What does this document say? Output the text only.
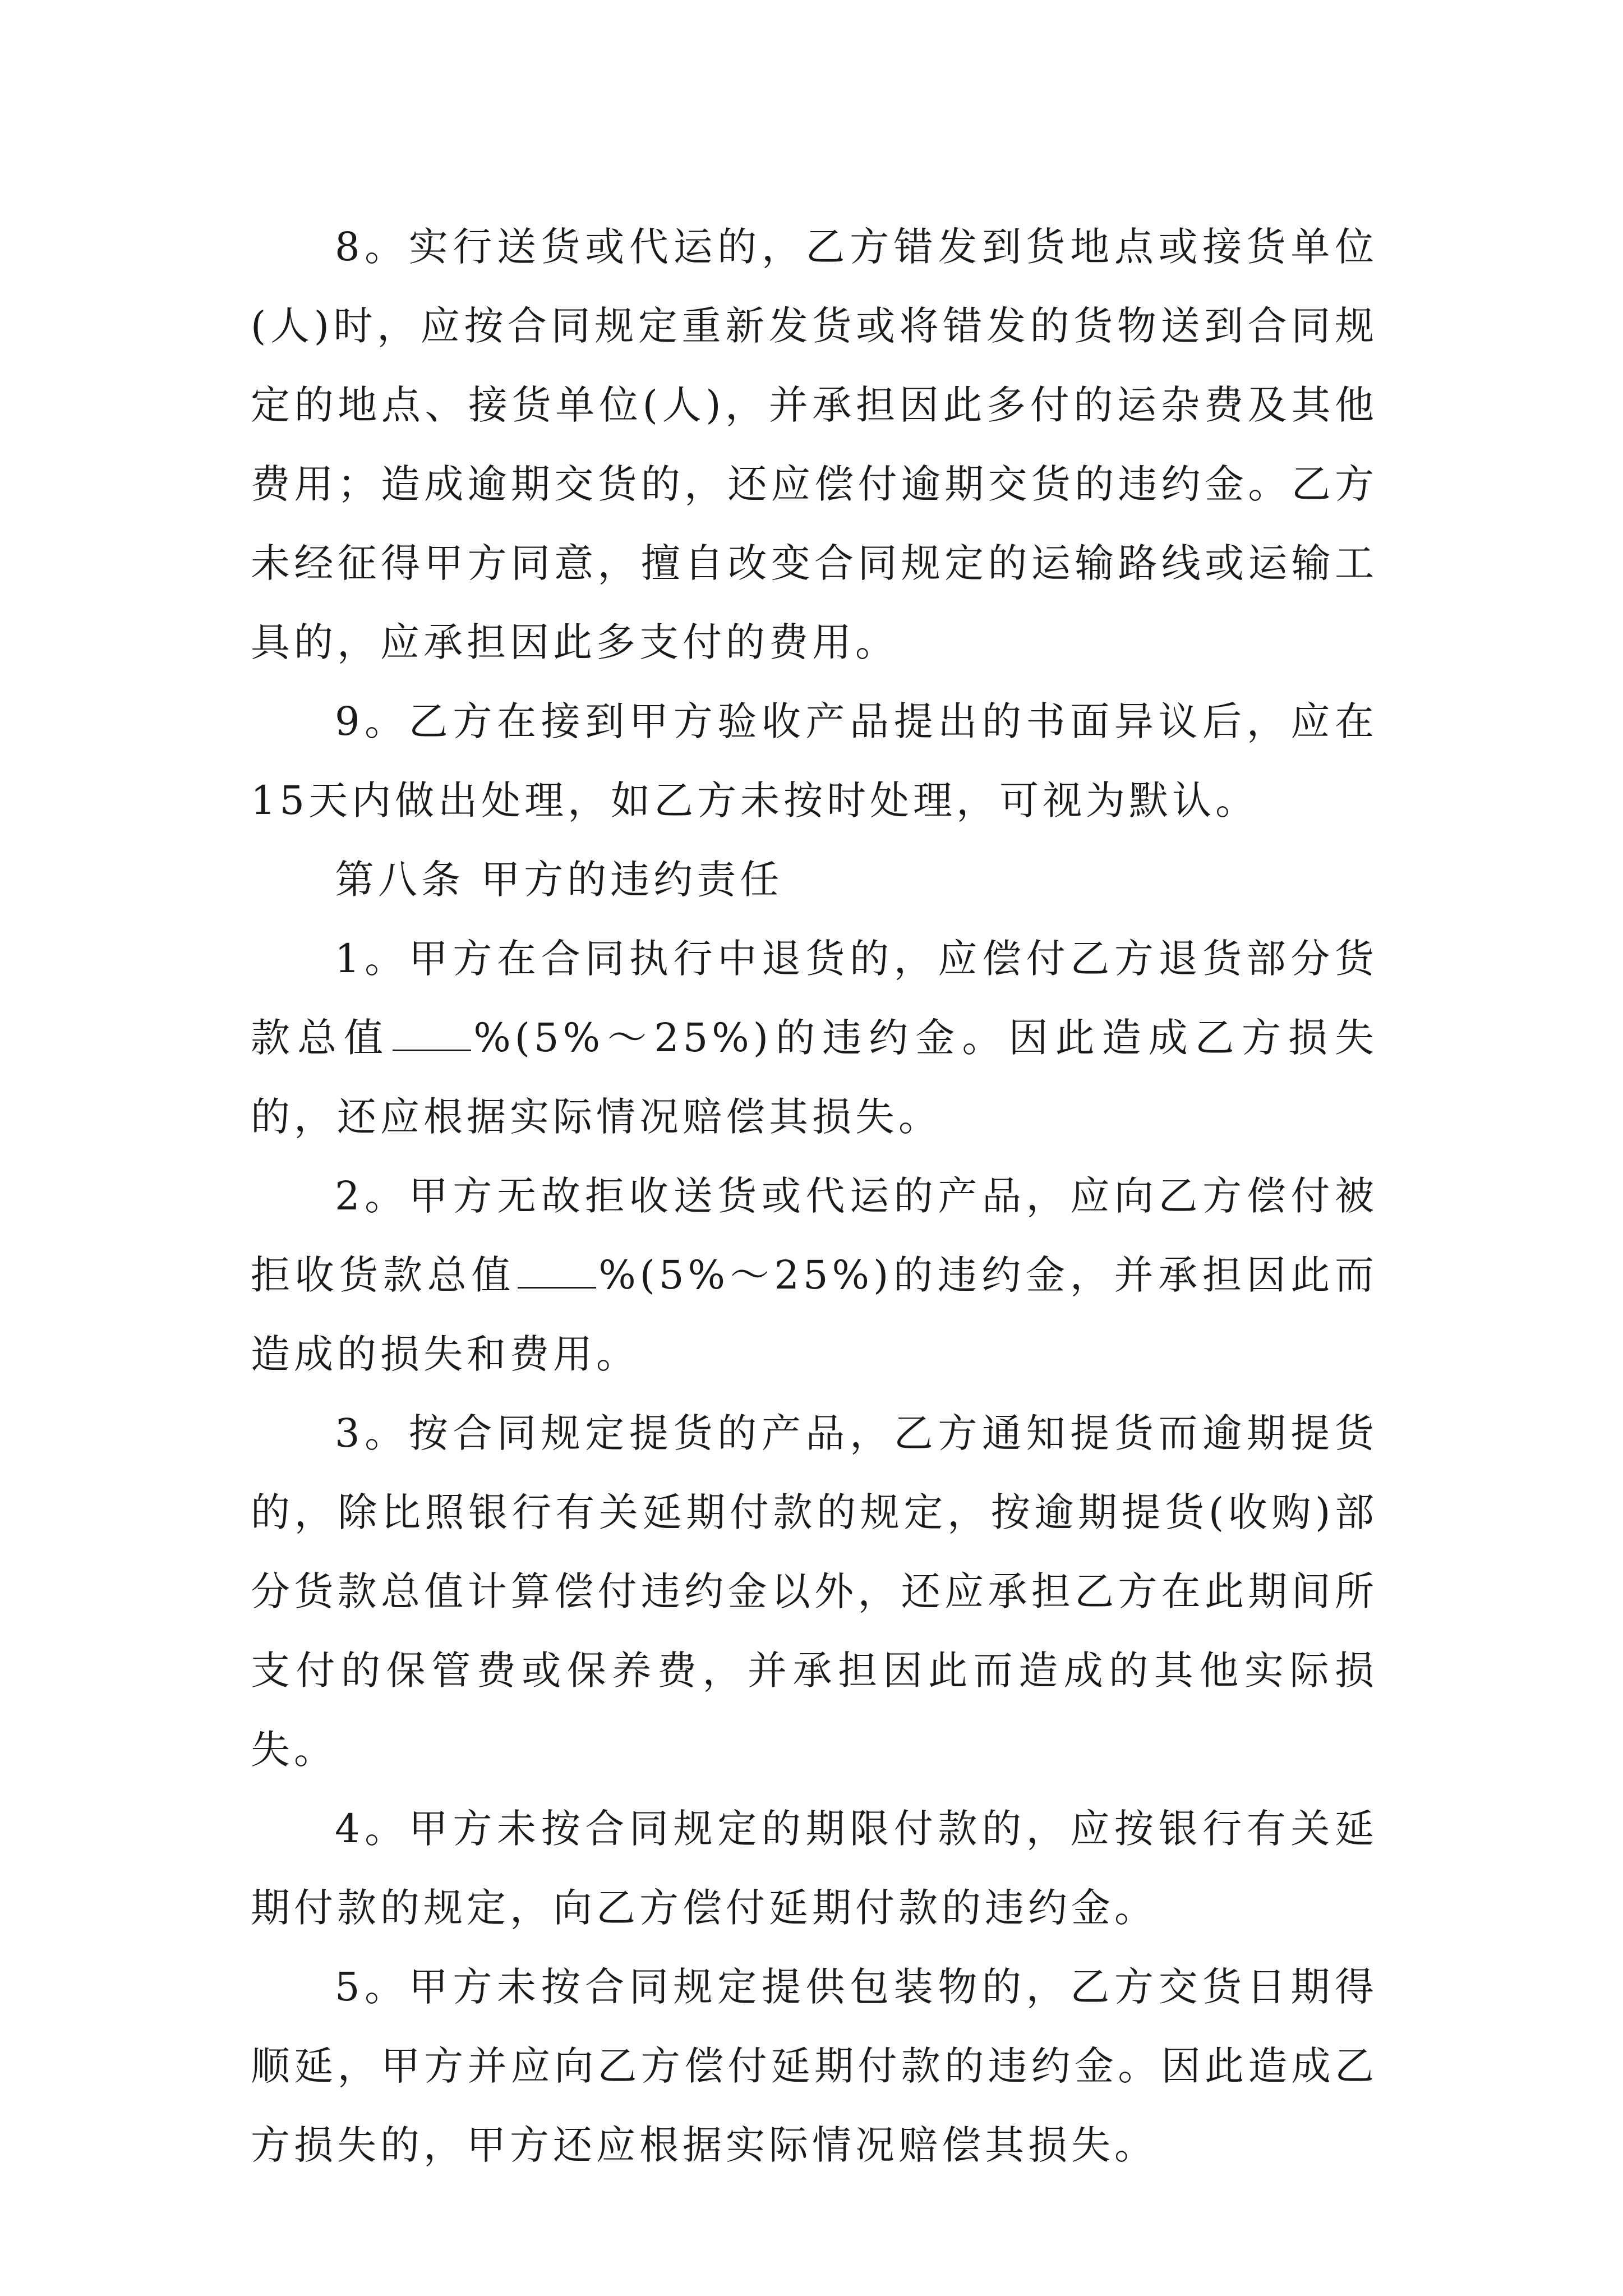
8。实行送货或代运的，乙方错发到货地点或接货单位(人)时，应按合同规定重新发货或将错发的货物送到合同规定的地点、接货单位(人)，并承担因此多付的运杂费及其他费用；造成逾期交货的，还应偿付逾期交货的违约金。乙方未经征得甲方同意，擅自改变合同规定的运输路线或运输工具的，应承担因此多支付的费用。

9。乙方在接到甲方验收产品提出的书面异议后，应在15天内做出处理，如乙方未按时处理，可视为默认。

第八条 甲方的违约责任

1。甲方在合同执行中退货的，应偿付乙方退货部分货款总值 %(5%～25%)的违约金。因此造成乙方损失的，还应根据实际情况赔偿其损失。

2。甲方无故拒收送货或代运的产品，应向乙方偿付被拒收货款总值 %(5%～25%)的违约金，并承担因此而造成的损失和费用。

3。按合同规定提货的产品，乙方通知提货而逾期提货的，除比照银行有关延期付款的规定，按逾期提货(收购)部分货款总值计算偿付违约金以外，还应承担乙方在此期间所支付的保管费或保养费，并承担因此而造成的其他实际损失。

4。甲方未按合同规定的期限付款的，应按银行有关延期付款的规定，向乙方偿付延期付款的违约金。

5。甲方未按合同规定提供包装物的，乙方交货日期得顺延，甲方并应向乙方偿付延期付款的违约金。因此造成乙方损失的，甲方还应根据实际情况赔偿其损失。
